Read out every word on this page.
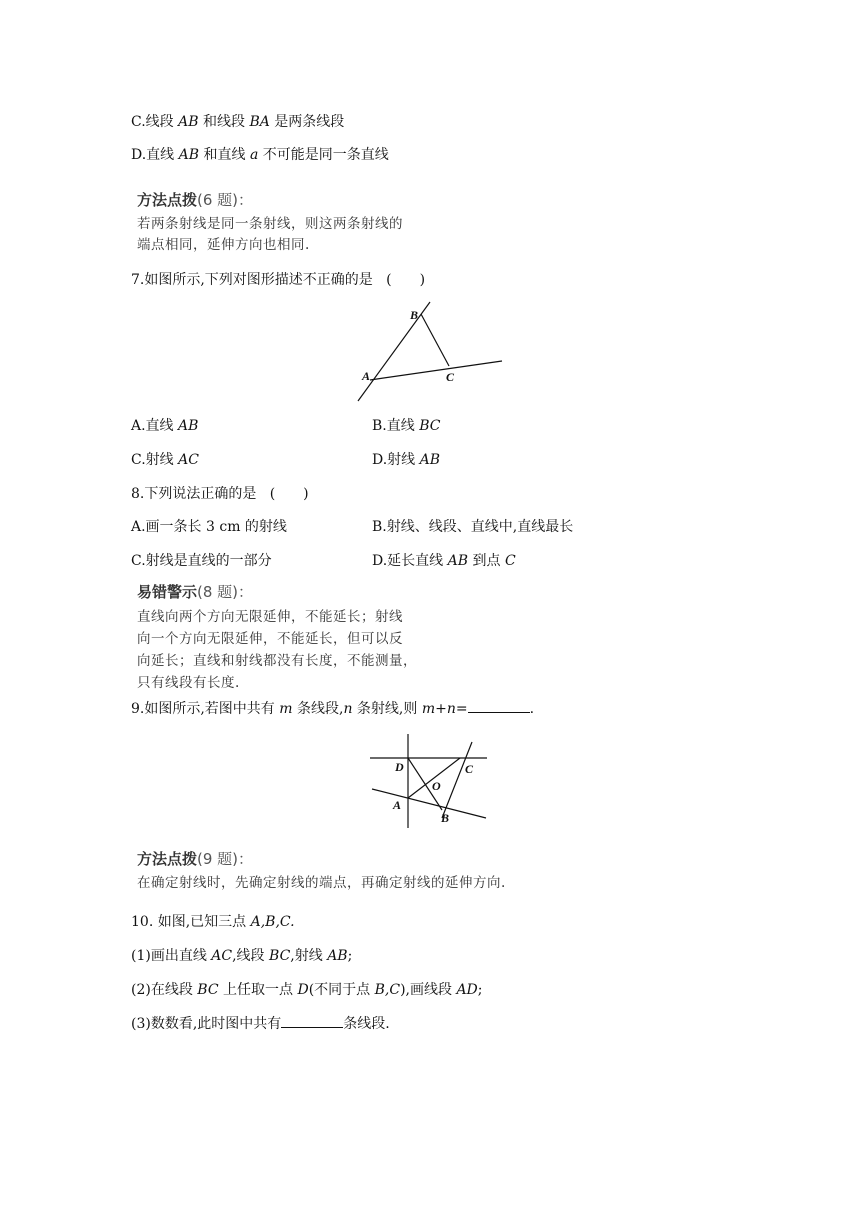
C.线段 AB 和线段 BA 是两条线段
D.直线 AB 和直线 a 不可能是同一条直线
方法点拨(6 题)：
若两条射线是同一条射线，则这两条射线的
端点相同，延伸方向也相同.
7.如图所示,下列对图形描述不正确的是 (　　)
B
A	C
A.直线 AB	B.直线 BC
C.射线 AC	D.射线 AB
8.下列说法正确的是 (　　)
A.画一条长 3 cm 的射线	B.射线、线段、直线中,直线最长
C.射线是直线的一部分	D.延长直线 AB 到点 C
易错警示(8 题)：
直线向两个方向无限延伸，不能延长；射线
向一个方向无限延伸，不能延长，但可以反
向延长；直线和射线都没有长度，不能测量，
只有线段有长度.
9.如图所示,若图中共有 m 条线段,n 条射线,则 m+n=	.
D	C
O
A
B
方法点拨(9 题)：
在确定射线时，先确定射线的端点，再确定射线的延伸方向.
10. 如图,已知三点 A,B,C.
(1)画出直线 AC,线段 BC,射线 AB;
(2)在线段 BC 上任取一点 D(不同于点 B,C),画线段 AD;
(3)数数看,此时图中共有	条线段.
